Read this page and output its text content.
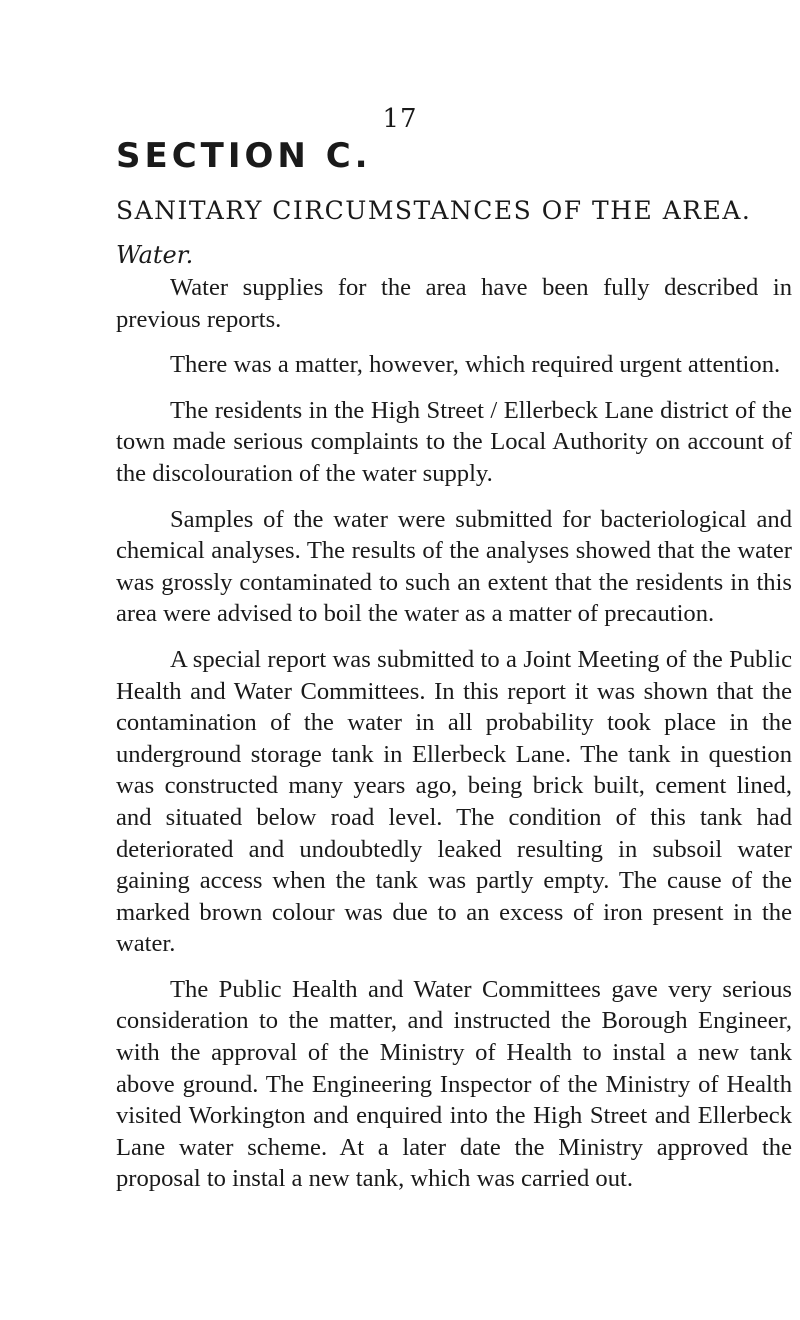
17
SECTION C.
SANITARY CIRCUMSTANCES OF THE AREA.
Water.

Water supplies for the area have been fully described in previous reports.

There was a matter, however, which required urgent attention.

The residents in the High Street / Ellerbeck Lane district of the town made serious complaints to the Local Authority on account of the discolouration of the water supply.

Samples of the water were submitted for bacteriological and chemical analyses. The results of the analyses showed that the water was grossly contaminated to such an extent that the residents in this area were advised to boil the water as a matter of precaution.

A special report was submitted to a Joint Meeting of the Public Health and Water Committees. In this report it was shown that the contamination of the water in all probability took place in the underground storage tank in Ellerbeck Lane. The tank in question was constructed many years ago, being brick built, cement lined, and situated below road level. The condition of this tank had deteriorated and undoubtedly leaked resulting in subsoil water gaining access when the tank was partly empty. The cause of the marked brown colour was due to an excess of iron present in the water.

The Public Health and Water Committees gave very serious consideration to the matter, and instructed the Borough Engineer, with the approval of the Ministry of Health to instal a new tank above ground. The Engineering Inspector of the Ministry of Health visited Workington and enquired into the High Street and Ellerbeck Lane water scheme. At a later date the Ministry approved the proposal to instal a new tank, which was carried out.
